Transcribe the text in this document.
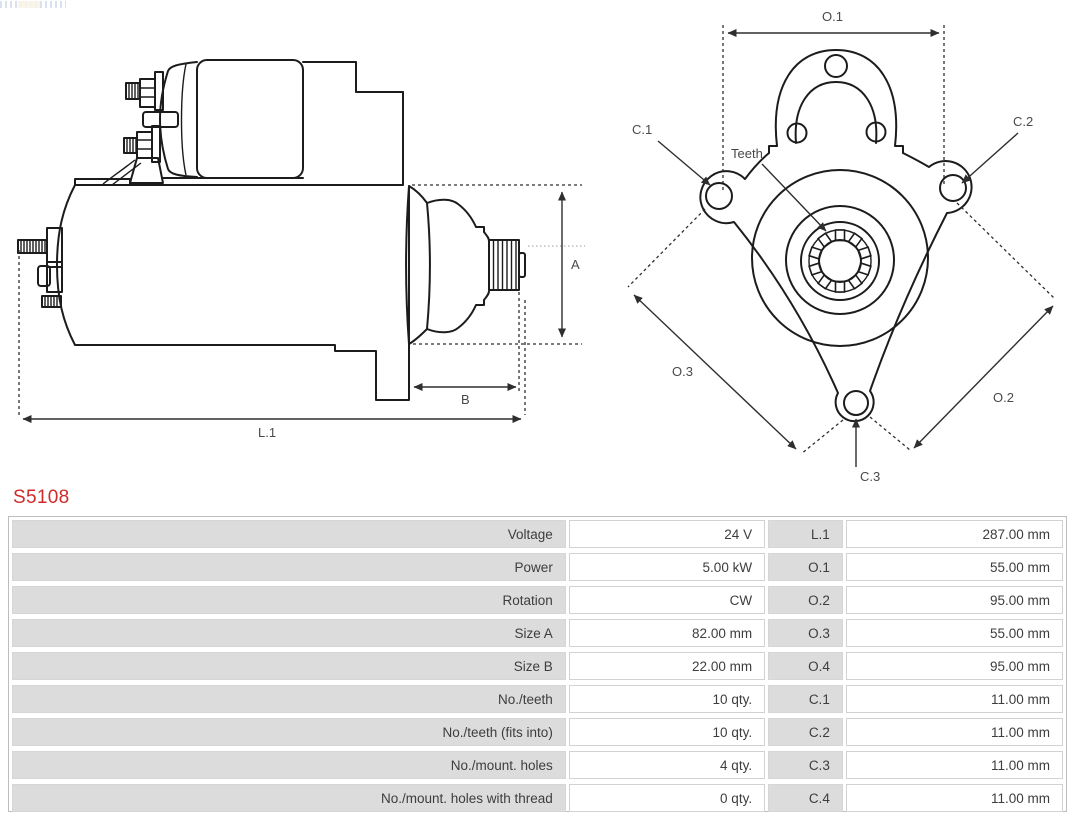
A
B
L.1
O.1
Teeth
C.1
C.2
C.3
O.3
O.2
S5108
Voltage	24 V	L.1	287.00 mm
Power	5.00 kW	O.1	55.00 mm
Rotation	CW	O.2	95.00 mm
Size A	82.00 mm	O.3	55.00 mm
Size B	22.00 mm	O.4	95.00 mm
No./teeth	10 qty.	C.1	11.00 mm
No./teeth (fits into)	10 qty.	C.2	11.00 mm
No./mount. holes	4 qty.	C.3	11.00 mm
No./mount. holes with thread	0 qty.	C.4	11.00 mm
